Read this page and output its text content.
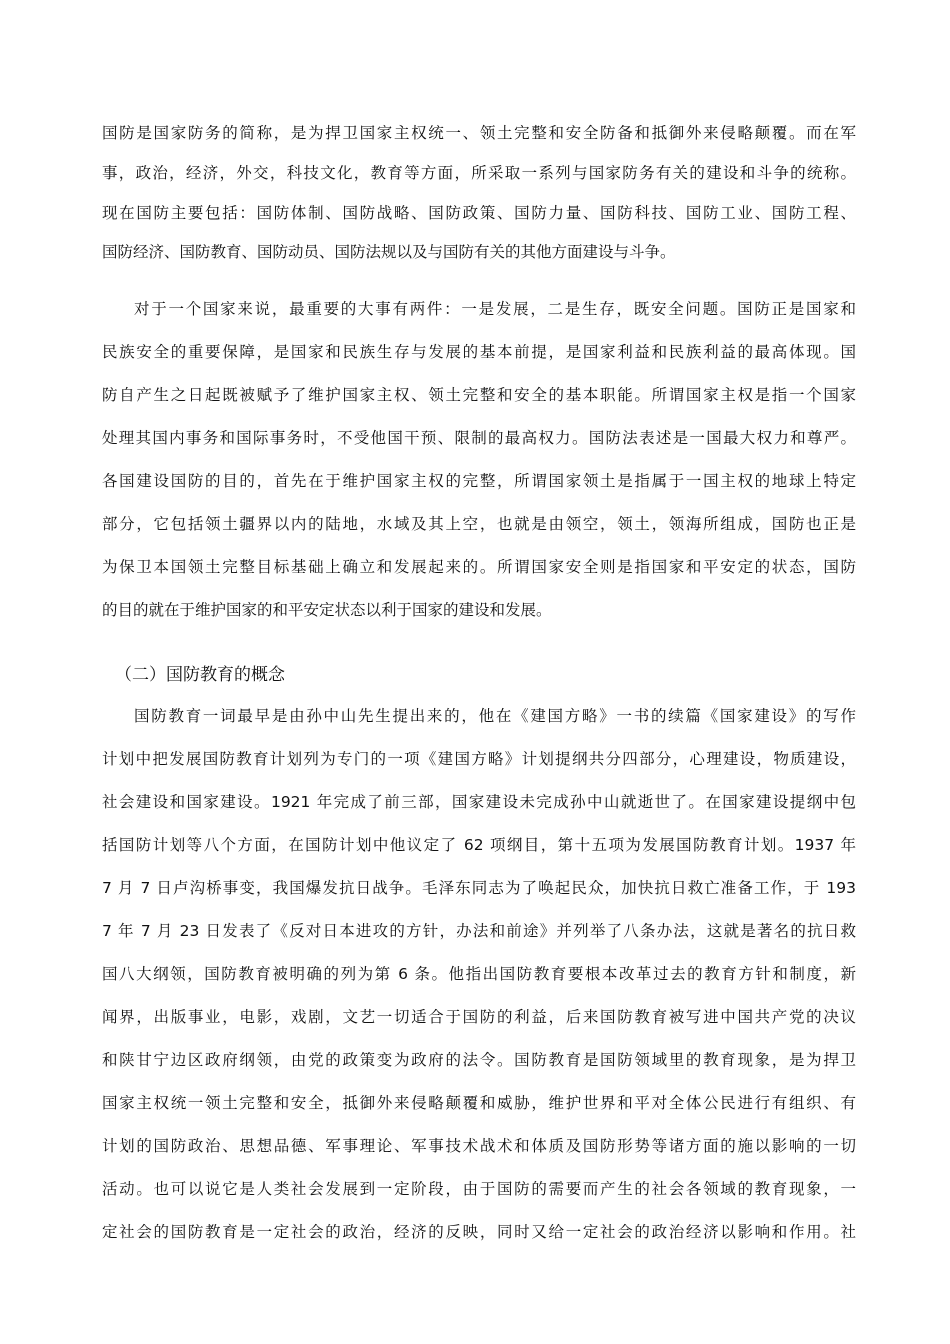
国防是国家防务的简称，是为捍卫国家主权统一、领土完整和安全防备和抵御外来侵略颠覆。而在军
事，政治，经济，外交，科技文化，教育等方面，所采取一系列与国家防务有关的建设和斗争的统称。
现在国防主要包括：国防体制、国防战略、国防政策、国防力量、国防科技、国防工业、国防工程、
国防经济、国防教育、国防动员、国防法规以及与国防有关的其他方面建设与斗争。
对于一个国家来说，最重要的大事有两件：一是发展，二是生存，既安全问题。国防正是国家和
民族安全的重要保障，是国家和民族生存与发展的基本前提，是国家利益和民族利益的最高体现。国
防自产生之日起既被赋予了维护国家主权、领土完整和安全的基本职能。所谓国家主权是指一个国家
处理其国内事务和国际事务时，不受他国干预、限制的最高权力。国防法表述是一国最大权力和尊严。
各国建设国防的目的，首先在于维护国家主权的完整，所谓国家领土是指属于一国主权的地球上特定
部分，它包括领土疆界以内的陆地，水域及其上空，也就是由领空，领土，领海所组成，国防也正是
为保卫本国领土完整目标基础上确立和发展起来的。所谓国家安全则是指国家和平安定的状态，国防
的目的就在于维护国家的和平安定状态以利于国家的建设和发展。
（二）国防教育的概念
国防教育一词最早是由孙中山先生提出来的，他在《建国方略》一书的续篇《国家建设》的写作
计划中把发展国防教育计划列为专门的一项《建国方略》计划提纲共分四部分，心理建设，物质建设，
社会建设和国家建设。1921 年完成了前三部，国家建设未完成孙中山就逝世了。在国家建设提纲中包
括国防计划等八个方面，在国防计划中他议定了 62 项纲目，第十五项为发展国防教育计划。1937 年
7 月 7 日卢沟桥事变，我国爆发抗日战争。毛泽东同志为了唤起民众，加快抗日救亡准备工作，于 193
7 年 7 月 23 日发表了《反对日本进攻的方针，办法和前途》并列举了八条办法，这就是著名的抗日救
国八大纲领，国防教育被明确的列为第 6 条。他指出国防教育要根本改革过去的教育方针和制度，新
闻界，出版事业，电影，戏剧，文艺一切适合于国防的利益，后来国防教育被写进中国共产党的决议
和陕甘宁边区政府纲领，由党的政策变为政府的法令。国防教育是国防领域里的教育现象，是为捍卫
国家主权统一领土完整和安全，抵御外来侵略颠覆和威胁，维护世界和平对全体公民进行有组织、有
计划的国防政治、思想品德、军事理论、军事技术战术和体质及国防形势等诸方面的施以影响的一切
活动。也可以说它是人类社会发展到一定阶段，由于国防的需要而产生的社会各领域的教育现象，一
定社会的国防教育是一定社会的政治，经济的反映，同时又给一定社会的政治经济以影响和作用。社
